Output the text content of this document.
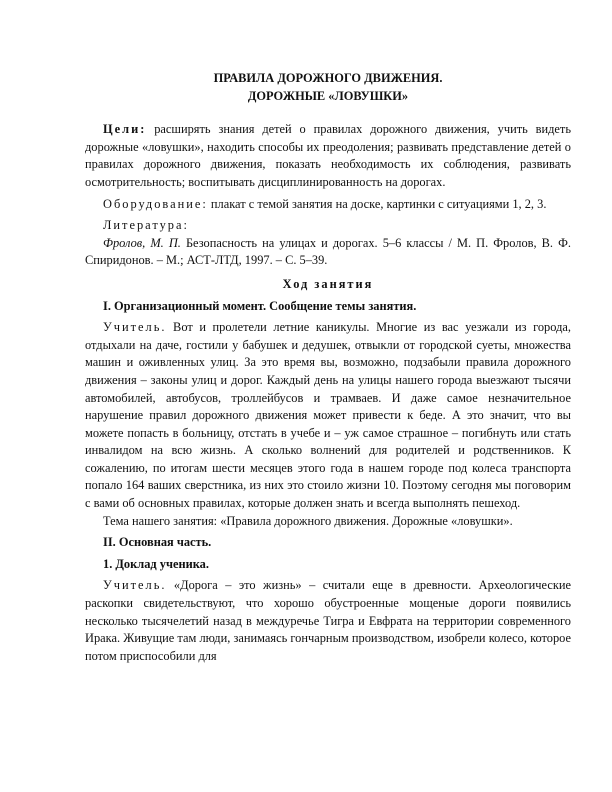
ПРАВИЛА ДОРОЖНОГО ДВИЖЕНИЯ.
ДОРОЖНЫЕ «ЛОВУШКИ»

Цели: расширять знания детей о правилах дорожного движения, учить видеть дорожные «ловушки», находить способы их преодоления; развивать представление детей о правилах дорожного движения, показать необходимость их соблюдения, развивать осмотрительность; воспитывать дисциплинированность на дорогах.

Оборудование: плакат с темой занятия на доске, картинки с ситуациями 1, 2, 3.

Литература:

Фролов, М. П. Безопасность на улицах и дорогах. 5–6 классы / М. П. Фролов, В. Ф. Спиридонов. – М.; АСТ-ЛТД, 1997. – С. 5–39.

Ход занятия

I. Организационный момент. Сообщение темы занятия.

Учитель. Вот и пролетели летние каникулы. Многие из вас уезжали из города, отдыхали на даче, гостили у бабушек и дедушек, отвыкли от городской суеты, множества машин и оживленных улиц. За это время вы, возможно, подзабыли правила дорожного движения – законы улиц и дорог. Каждый день на улицы нашего города выезжают тысячи автомобилей, автобусов, троллейбусов и трамваев. И даже самое незначительное нарушение правил дорожного движения может привести к беде. А это значит, что вы можете попасть в больницу, отстать в учебе и – уж самое страшное – погибнуть или стать инвалидом на всю жизнь. А сколько волнений для родителей и родственников. К сожалению, по итогам шести месяцев этого года в нашем городе под колеса транспорта попало 164 ваших сверстника, из них это стоило жизни 10. Поэтому сегодня мы поговорим с вами об основных правилах, которые должен знать и всегда выполнять пешеход.

Тема нашего занятия: «Правила дорожного движения. Дорожные «ловушки».

II. Основная часть.

1. Доклад ученика.

Учитель. «Дорога – это жизнь» – считали еще в древности. Археологические раскопки свидетельствуют, что хорошо обустроенные мощеные дороги появились несколько тысячелетий назад в междуречье Тигра и Евфрата на территории современного Ирака. Живущие там люди, занимаясь гончарным производством, изобрели колесо, которое потом приспособили для
